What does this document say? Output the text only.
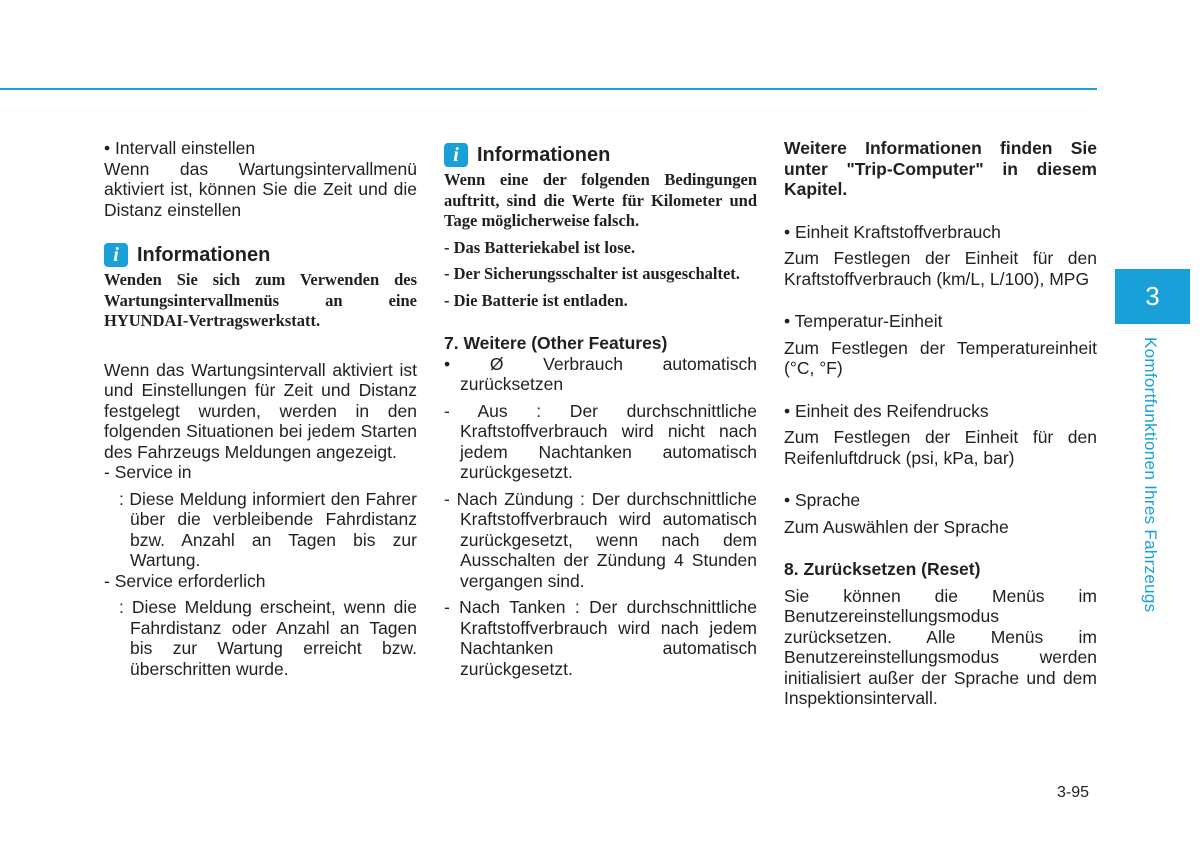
• Intervall einstellen

Wenn das Wartungsintervallmenü aktiviert ist, können Sie die Zeit und die Distanz einstellen

i Informationen

Wenden Sie sich zum Verwenden des Wartungsintervallmenüs an eine HYUNDAI-Vertragswerkstatt.

Wenn das Wartungsintervall aktiviert ist und Einstellungen für Zeit und Distanz festgelegt wurden, werden in den folgenden Situationen bei jedem Starten des Fahrzeugs Meldungen angezeigt.

- Service in

: Diese Meldung informiert den Fahrer über die verbleibende Fahrdistanz bzw. Anzahl an Tagen bis zur Wartung.

- Service erforderlich

: Diese Meldung erscheint, wenn die Fahrdistanz oder Anzahl an Tagen bis zur Wartung erreicht bzw. überschritten wurde.

i Informationen

Wenn eine der folgenden Bedingungen auftritt, sind die Werte für Kilometer und Tage möglicherweise falsch.

- Das Batteriekabel ist lose.

- Der Sicherungsschalter ist ausgeschaltet.

- Die Batterie ist entladen.

7. Weitere (Other Features)

• Ø Verbrauch automatisch zurücksetzen

- Aus : Der durchschnittliche Kraftstoffverbrauch wird nicht nach jedem Nachtanken automatisch zurückgesetzt.

- Nach Zündung : Der durchschnittliche Kraftstoffverbrauch wird automatisch zurückgesetzt, wenn nach dem Ausschalten der Zündung 4 Stunden vergangen sind.

- Nach Tanken : Der durchschnittliche Kraftstoffverbrauch wird nach jedem Nachtanken automatisch zurückgesetzt.

Weitere Informationen finden Sie unter "Trip-Computer" in diesem Kapitel.

• Einheit Kraftstoffverbrauch

Zum Festlegen der Einheit für den Kraftstoffverbrauch (km/L, L/100), MPG

• Temperatur-Einheit

Zum Festlegen der Temperatureinheit (°C, °F)

• Einheit des Reifendrucks

Zum Festlegen der Einheit für den Reifenluftdruck (psi, kPa, bar)

• Sprache

Zum Auswählen der Sprache

8. Zurücksetzen (Reset)

Sie können die Menüs im Benutzereinstellungsmodus zurücksetzen. Alle Menüs im Benutzereinstellungsmodus werden initialisiert außer der Sprache und dem Inspektionsintervall.

3
Komfortfunktionen Ihres Fahrzeugs
3-95
